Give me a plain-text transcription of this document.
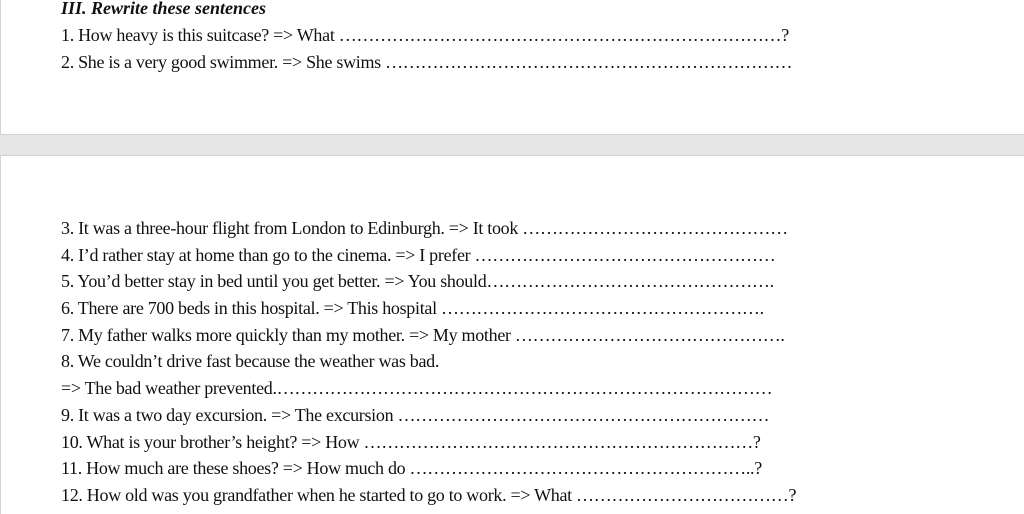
III. Rewrite these sentences
1. How heavy is this suitcase? => What …………………………………………………………………?
2. She is a very good swimmer. => She swims ……………………………………………………………
3. It was a three-hour flight from London to Edinburgh. => It took ………………………………………
4. I’d rather stay at home than go to the cinema. => I prefer ……………………………………………
5. You’d better stay in bed until you get better. => You should………………………………………….
6. There are 700 beds in this hospital. => This hospital ……………………………………………….
7. My father walks more quickly than my mother. => My mother ……………………………………….
8. We couldn’t drive fast because the weather was bad.
=> The bad weather prevented.…………………………………………………………………………
9. It was a two day excursion. => The excursion ………………………………………………………
10. What is your brother’s height? => How …………………………………………………………?
11. How much are these shoes? => How much do …………………………………………………..?
12. How old was you grandfather when he started to go to work. => What ………………………………?
